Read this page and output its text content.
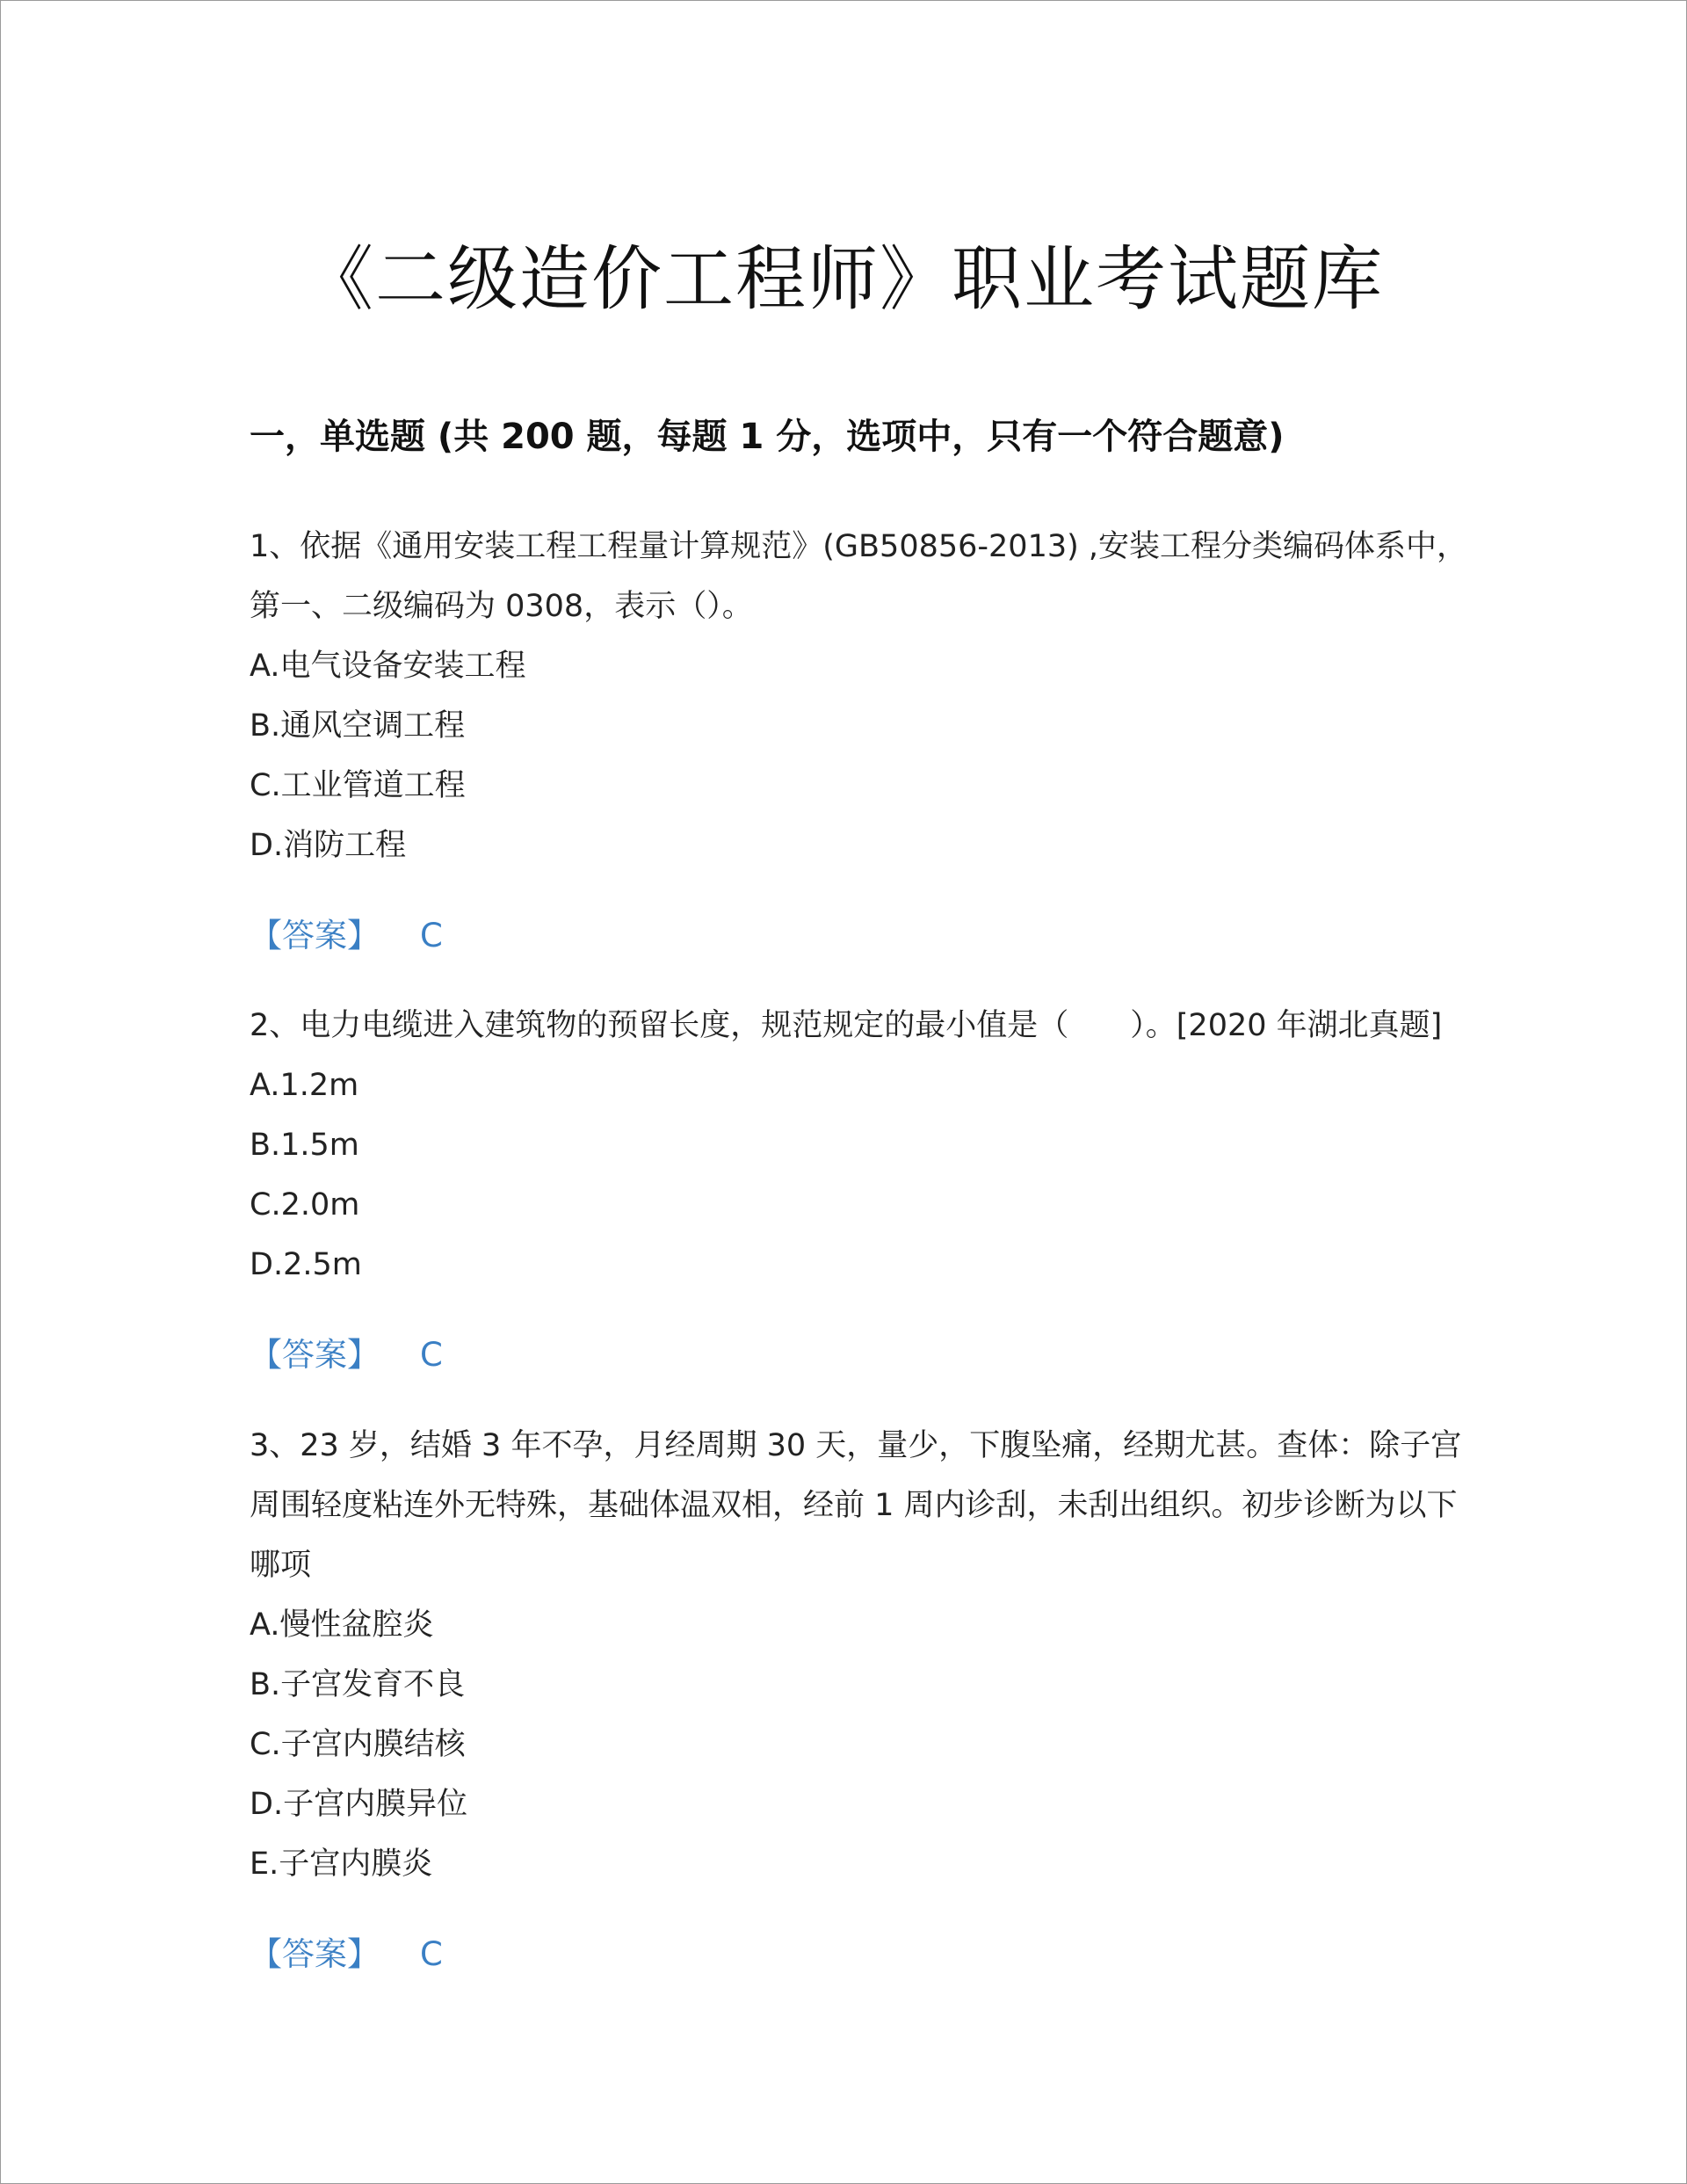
《二级造价工程师》职业考试题库
一，单选题 (共 200 题，每题 1 分，选项中，只有一个符合题意)
1、依据《通用安装工程工程量计算规范》(GB50856-2013) ,安装工程分类编码体系中，
第一、二级编码为 0308，表示（）。
A.电气设备安装工程
B.通风空调工程
C.工业管道工程
D.消防工程
【答案】 C
2、电力电缆进入建筑物的预留长度，规范规定的最小值是（　　）。[2020 年湖北真题]
A.1.2m
B.1.5m
C.2.0m
D.2.5m
【答案】 C
3、23 岁，结婚 3 年不孕，月经周期 30 天，量少，下腹坠痛，经期尤甚。查体：除子宫
周围轻度粘连外无特殊，基础体温双相，经前 1 周内诊刮，未刮出组织。初步诊断为以下
哪项
A.慢性盆腔炎
B.子宫发育不良
C.子宫内膜结核
D.子宫内膜异位
E.子宫内膜炎
【答案】 C
